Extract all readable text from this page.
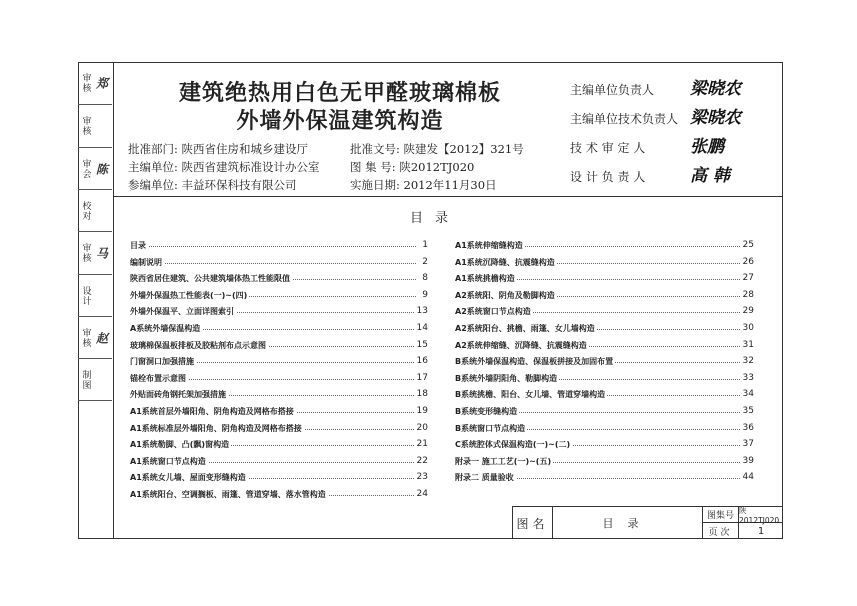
审核 郑
审核
审会 陈
校对
审核 马
设计
审核 赵
制图
建筑绝热用白色无甲醛玻璃棉板
外墙外保温建筑构造
批准部门: 陕西省住房和城乡建设厅
主编单位: 陕西省建筑标准设计办公室
参编单位: 丰益环保科技有限公司
批准文号: 陕建发【2012】321号
图 集 号: 陕2012TJ020
实施日期: 2012年11月30日
主编单位负责人 梁晓农
主编单位技术负责人 梁晓农
技 术 审 定 人	张鹏
设 计 负 责 人	高 韩
目录
目录	1
编制说明	2
陕西省居住建筑、公共建筑墙体热工性能限值	8
外墙外保温热工性能表(一)~(四)	9
外墙外保温平、立面详图索引	13
A系统外墙保温构造	14
玻璃棉保温板排板及胶粘剂布点示意图	15
门窗洞口加强措施	16
锚栓布置示意图	17
外贴面砖角钢托架加强措施	18
A1系统首层外墙阳角、阴角构造及网格布搭接	19
A1系统标准层外墙阳角、阴角构造及网格布搭接	20
A1系统勒脚、凸(飘)窗构造	21
A1系统窗口节点构造	22
A1系统女儿墙、屋面变形缝构造	23
A1系统阳台、空调搁板、雨篷、管道穿墙、落水管构造	24
A1系统伸缩缝构造	25
A1系统沉降缝、抗震缝构造	26
A1系统挑檐构造	27
A2系统阳、阴角及勒脚构造	28
A2系统窗口节点构造	29
A2系统阳台、挑檐、雨篷、女儿墙构造	30
A2系统伸缩缝、沉降缝、抗震缝构造	31
B系统外墙保温构造、保温板拼接及加固布置	32
B系统外墙阴阳角、勒脚构造	33
B系统挑檐、阳台、女儿墙、管道穿墙构造	34
B系统变形缝构造	35
B系统窗口节点构造	36
C系统腔体式保温构造(一)~(二)	37
附录一 施工工艺(一)~(五)	39
附录二 质量验收	44
图名	目录
图集号
陕2012TJ020
页次	1
